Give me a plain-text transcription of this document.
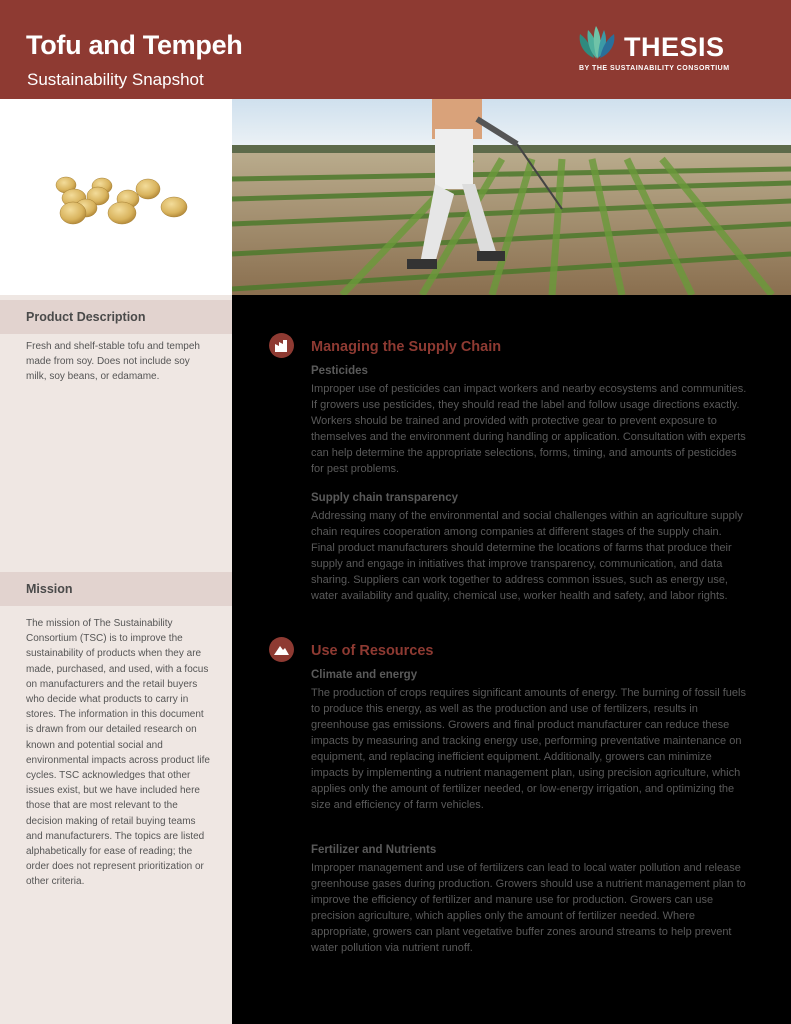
Tofu and Tempeh
Sustainability Snapshot
THESIS
BY THE SUSTAINABILITY CONSORTIUM
Product Description
Fresh and shelf-stable tofu and tempeh made from soy. Does not include soy milk, soy beans, or edamame.
Mission
The mission of The Sustainability Consortium (TSC) is to improve the sustainability of products when they are made, purchased, and used, with a focus on manufacturers and the retail buyers who decide what products to carry in stores. The information in this document is drawn from our detailed research on known and potential social and environmental impacts across product life cycles. TSC acknowledges that other issues exist, but we have included here those that are most relevant to the decision making of retail buying teams and manufacturers. The topics are listed alphabetically for ease of reading; the order does not represent prioritization or other criteria.
Managing the Supply Chain
Pesticides
Improper use of pesticides can impact workers and nearby ecosystems and communities. If growers use pesticides, they should read the label and follow usage directions exactly. Workers should be trained and provided with protective gear to prevent exposure to themselves and the environment during handling or application. Consultation with experts can help determine the appropriate selections, forms, timing, and amounts of pesticides for pest problems.
Supply chain transparency
Addressing many of the environmental and social challenges within an agriculture supply chain requires cooperation among companies at different stages of the supply chain. Final product manufacturers should determine the locations of farms that produce their supply and engage in initiatives that improve transparency, communication, and data sharing. Suppliers can work together to address common issues, such as energy use, water availability and quality, chemical use, worker health and safety, and labor rights.
Use of Resources
Climate and energy
The production of crops requires significant amounts of energy. The burning of fossil fuels to produce this energy, as well as the production and use of fertilizers, results in greenhouse gas emissions. Growers and final product manufacturer can reduce these impacts by measuring and tracking energy use, performing preventative maintenance on equipment, and replacing inefficient equipment. Additionally, growers can minimize impacts by implementing a nutrient management plan, using precision agriculture, which applies only the amount of fertilizer needed, or low-energy irrigation, and optimizing the size and efficiency of farm vehicles.
Fertilizer and Nutrients
Improper management and use of fertilizers can lead to local water pollution and release greenhouse gases during production. Growers should use a nutrient management plan to improve the efficiency of fertilizer and manure use for production. Growers can use precision agriculture, which applies only the amount of fertilizer needed. Where appropriate, growers can plant vegetative buffer zones around streams to help prevent water pollution via nutrient runoff.
